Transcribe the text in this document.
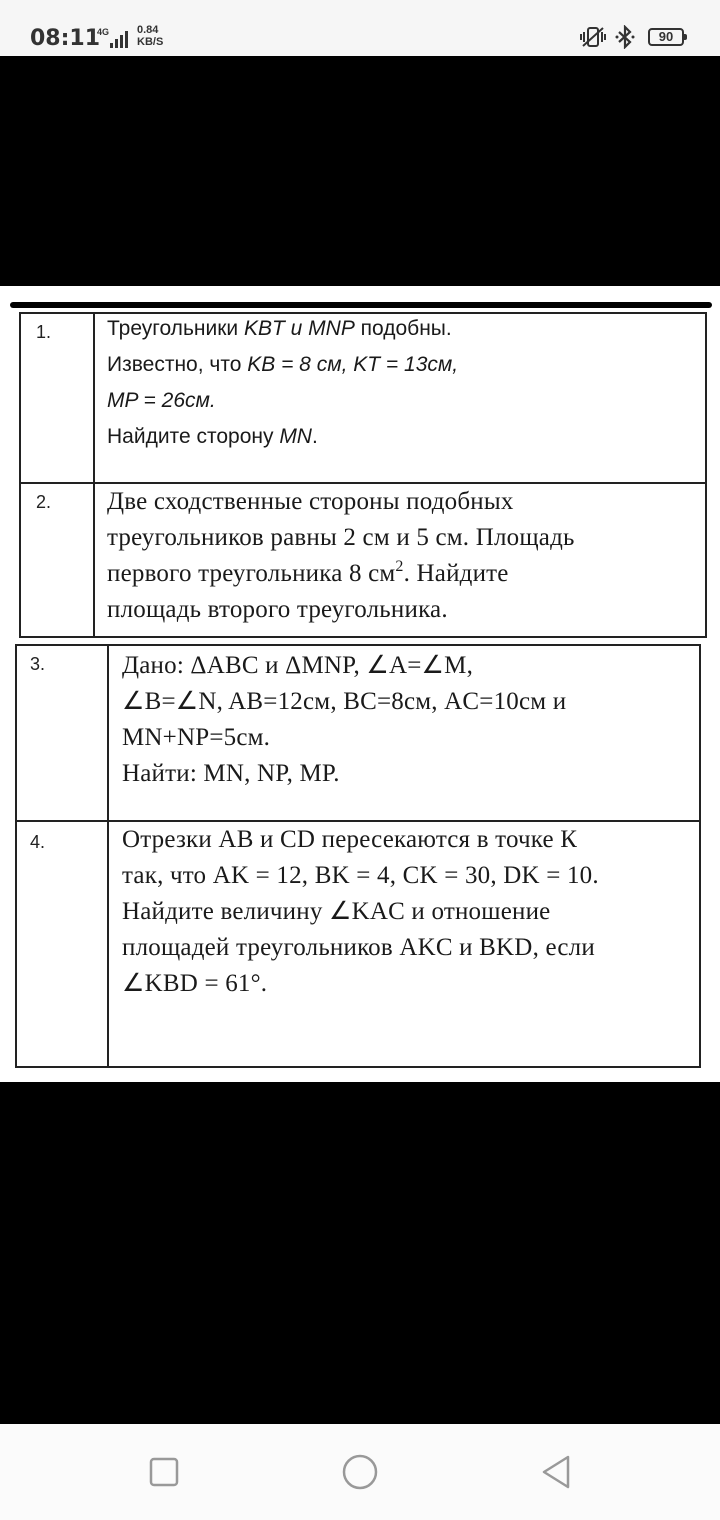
08:11
4G	0.84
KB/S	90
1.	Треугольники KBT и MNP подобны.

Известно, что KB = 8 см, KT = 13см,

MP = 26см.

Найдите сторону MN.

2. Две сходственные стороны подобных

треугольников равны 2 см и 5 см. Площадь

первого треугольника 8 $см^2$. Найдите

площадь второго треугольника.

3.	Дано: ΔABC и ΔMNP, ∠A=∠M,

∠B=∠N, AB=12см, BC=8см, AC=10см и

MN+NP=5см.

Найти: MN, NP, MP.

4.	Отрезки AB и CD пересекаются в точке К

так, что AK = 12, BK = 4, CK = 30, DK = 10.

Найдите величину ∠KAC и отношение

площадей треугольников AKC и BKD, если

∠KBD = 61°.
